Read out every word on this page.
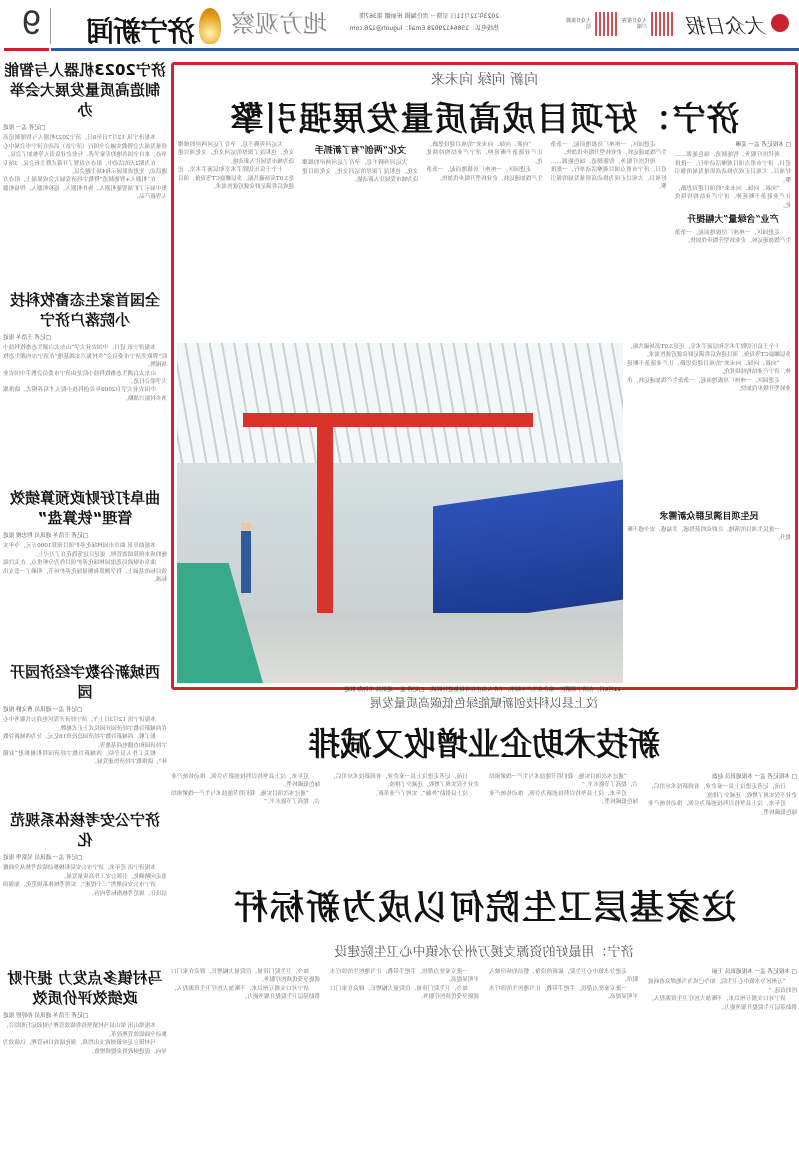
大众日报
大众日报客户端
大众日报微信
2023年12月11日 星期一 责任编辑 崔丽娜 第367期
热线电话：15864129028 Email：luguoh@126.com
地方观察
济宁新闻
9
向新 向绿 向未来
济宁：好项目成高质量发展强引擎
□ 本报记者 孟一 姜琳

现代医疗服务、智能制造、绿色能源……近日，济宁市重点项目观摩活动举行，一批批好项目、大项目正成为推动高质量发展的强引擎。

“向新、向绿、向未来”的项目建设思路，让产业链条不断延伸，济宁产业结构持续优化。

产业“含绿量”大幅提升

走进园区，一座座厂房拔地而起，一条条生产线加速运转，企业转型升级步伐加快。

走进园区，一座座厂房拔地而起，一条条生产线加速运转，企业转型升级步伐加快。

现代医疗服务、智能制造、绿色能源……近日，济宁市重点项目观摩活动举行，一批批好项目、大项目正成为推动高质量发展的强引擎。

“向新、向绿、向未来”的项目建设思路，让产业链条不断延伸，济宁产业结构持续优化。

走进园区，一座座厂房拔地而起，一条条生产线加速运转，企业转型升级步伐加快。

文化“两创”有了新抓手

大运河奔腾不息，孕育了运河两岸的璀璨文化，也积淀了深厚的运河文化，文化项目建设为城市发展注入新动能。

大运河奔腾不息，孕育了运河两岸的璀璨文化，也积淀了深厚的运河文化，文化项目建设为城市发展注入新动能。

十个王负压切除手术室和层流手术室，还是3.0T高场磁共振、多层螺旋CT等设备，项目建成后将满足群众就近就医需求。

十个王负压切除手术室和层流手术室，还是3.0T高场磁共振、多层螺旋CT等设备，项目建成后将满足群众就近就医需求。

“向新、向绿、向未来”的项目建设思路，让产业链条不断延伸，济宁产业结构持续优化。

走进园区，一座座厂房拔地而起，一条条生产线加速运转，企业转型升级步伐加快。

民生项目满足群众新需求

一批民生项目的落地，让群众的获得感、幸福感、安全感不断提升。

11月6日，在济宁高新区一家企业生产车间里，工作人员正在对设备进行调试。 □记者 孟一 通讯员 王钟海 报道
汶上县以科技创新赋能绿色低碳高质量发展
新技术助企业增收又减排
□ 本报记者 孟一 本报通讯员 赵磊

日前，记者走进汶上县一家企业，看到新技术应用后，企业不仅实现了增收，还减少了排放。

近年来，汶上县坚持以科技创新为引领，推动传统产业绿色低碳转型。

“通过本次项目实施，我们将节能技术与生产一线紧密结合，提高了节能水平。”

近年来，汶上县坚持以科技创新为引领，推动传统产业绿色低碳转型。

日前，记者走进汶上县一家企业，看到新技术应用后，企业不仅实现了增收，还减少了排放。

汶上县借助“外脑”，实现了产业革新。

近年来，汶上县坚持以科技创新为引领，推动传统产业绿色低碳转型。

“通过本次项目实施，我们将节能技术与生产一线紧密结合，提高了节能水平。”

这家基层卫生院何以成为新标杆
济宁：用最好的资源支援万州分水镇中心卫生院建设
□ 本报记者 孟一 本报通讯员 王丽

“万州区分水镇中心卫生院，如今已成为当地群众看病就医的首选。”

济宁对口支援万州以来，不断加大医疗卫生资源投入，帮助基层卫生院提升服务能力。

走进分水镇中心卫生院，崭新的设备、整洁的病房映入眼帘。

一批专家驻点帮扶，手把手带教，让当地医生的诊疗水平明显提高。

一批专家驻点帮扶，手把手带教，让当地医生的诊疗水平明显提高。

如今，卫生院门诊量、住院量大幅增长，群众在家门口就能享受优质医疗服务。

如今，卫生院门诊量、住院量大幅增长，群众在家门口就能享受优质医疗服务。

济宁对口支援万州以来，不断加大医疗卫生资源投入，帮助基层卫生院提升服务能力。

济宁2023机器人与智能制造高质量发展大会举办
□记者 孟一 报道

本报济宁讯 12月7日至8日，济宁2023机器人与智能制造高质量发展大会暨数实融合全国行（济宁站）活动在济宁市会展中心举办，来自全国各地的专家学者、行业企业负责人等参加了会议。

在为期2天的活动中，组办方设置了开幕式暨主旨会议、3场专题活动，先进成果展示和4场主题会议。

在“机器人+智能制造”暨数字经济发展大会成果展上，组办方集中展示了扩展智能机器人、协作机器人、巡检机器人、焊接机器人等新产品。

全国首家生态畜牧科技小院落户济宁
□记者 王浩冬 报道

本报济宁讯 近日，中国农业大学“山东太白湖生态畜牧科技小院”暨欧美济宁市委员会“乡村振兴实践基地”在济宁市内湖生态牧场揭牌。

山东太白湖生态畜牧科技小院是由济宁市委员会携手中国农业大学联合打造。

中国农业大学自2009年首创科技小院人才培养模式，助推服务乡村振兴战略。

曲阜打好财政预算绩效管理“铁算盘”
□记者 王浩冬 通讯员 程忠俊 报道

本报曲阜讯 曲阜市园林绿化养护项目预算1000万元，今年实施的成本预算绩效管理，更是让这笔钱花在了刀刃上。

曲阜市财政局选取园林绿化养护项目作为分析重点，在关注绩效目标的基础上，科学测算和衡量绿化养护环节，明确了一套支出标准。

西城新谷数字经济园开园
□记者 孟一 通讯员 曹文静 报道

本报济宁讯 12月3日上午，济宁经济开发区电商公共服务中心在西城新谷数字经济园开园仪式上正式揭牌。

据了解，西城新谷数字经济园总投资18亿元，分为西城新谷数字经济园和直播电商基地等。

相关工作人员介绍，西城新谷数字经济园将积极推进“双循环”，助推数字经济快速发展。

济宁公安考核体系规范化
□记者 孟一 通讯员 吴铭华 报道

本报济宁讯 近年来，济宁市公安局积极推动绩效考核从全面覆盖走向精确化，引领公安工作高质量发展。

济宁市公安局聚焦“三个提速”，实现考核体系规范化、加强顶层设计、规范考核指标等内容。

马村镇多点发力 提升财政绩效评价质效
□记者 王浩冬 通讯员 孙婷婷 报道

本报梁山讯 梁山县马村镇坚持将绩效管理与财政运行相结合，推动全面绩效管理改革。

马村镇立足乡镇财政支出性质，强化绩效目标管理，以绩效为导向，促进财政资金提质增效。
